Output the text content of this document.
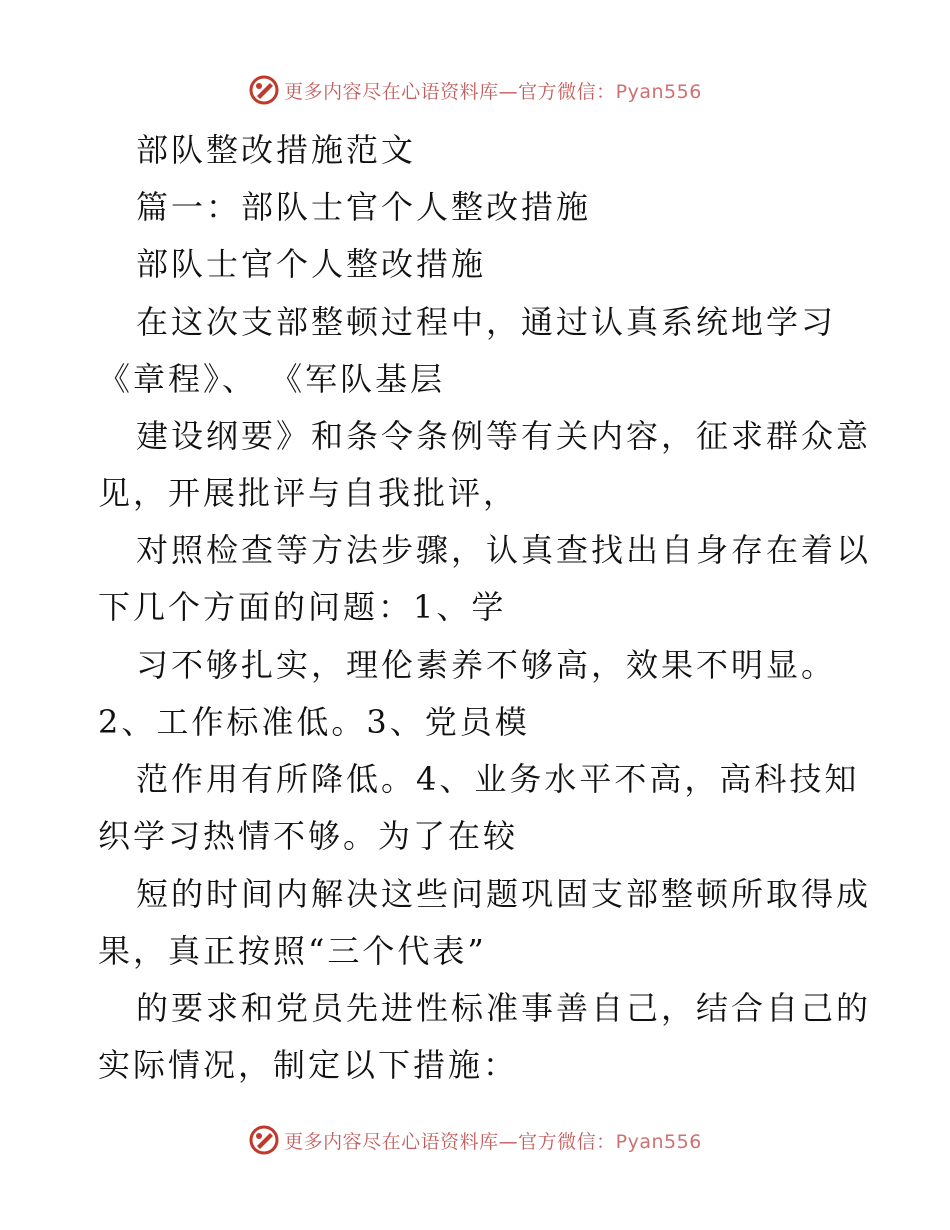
更多内容尽在心语资料库—官方微信：Pyan556
部队整改措施范文
篇一：部队士官个人整改措施
部队士官个人整改措施
在这次支部整顿过程中，通过认真系统地学习
《章程》、 《军队基层
建设纲要》和条令条例等有关内容，征求群众意
见，开展批评与自我批评，
对照检查等方法步骤，认真查找出自身存在着以
下几个方面的问题：1、学
习不够扎实，理伦素养不够高，效果不明显。
2、工作标准低。3、党员模
范作用有所降低。4、业务水平不高，高科技知
织学习热情不够。为了在较
短的时间内解决这些问题巩固支部整顿所取得成
果，真正按照“三个代表”
的要求和党员先进性标准事善自己，结合自己的
实际情况，制定以下措施：
更多内容尽在心语资料库—官方微信：Pyan556
